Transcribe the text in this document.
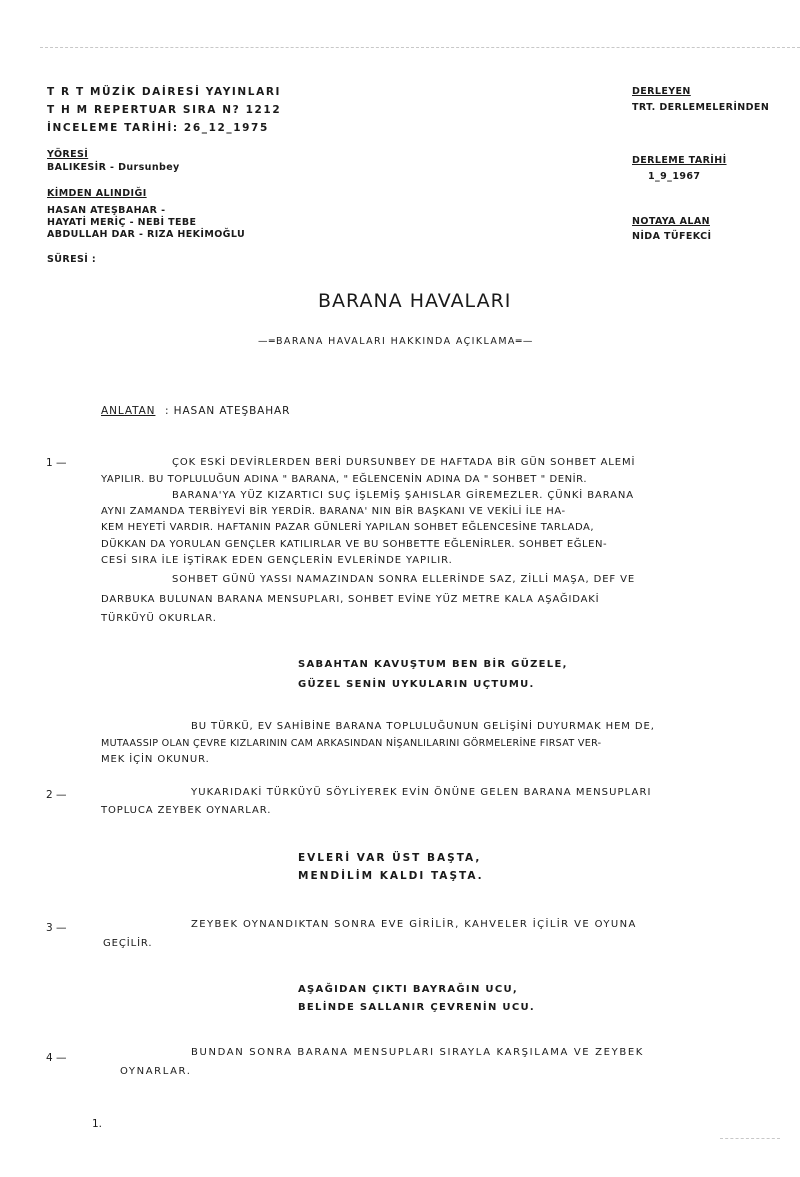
T R T MÜZİK DAİRESİ YAYINLARI
T H M REPERTUAR SIRA N? 1212
İNCELEME TARİHİ: 26_12_1975
YÖRESİ
BALIKESİR - Dursunbey
KİMDEN ALINDIĞI
HASAN ATEŞBAHAR -
HAYATİ MERİÇ - NEBİ TEBE
ABDULLAH DAR - RIZA HEKİMOĞLU
SÜRESİ :
DERLEYEN
TRT. DERLEMELERİNDEN
DERLEME TARİHİ
1_9_1967
NOTAYA ALAN
NİDA TÜFEKCİ
BARANA HAVALARI
—═BARANA HAVALARI HAKKINDA AÇIKLAMA═—
ANLATAN : HASAN ATEŞBAHAR
1 —	ÇOK ESKİ DEVİRLERDEN BERİ DURSUNBEY DE HAFTADA BİR GÜN SOHBET ALEMİ
YAPILIR. BU TOPLULUĞUN ADINA " BARANA, " EĞLENCENİN ADINA DA " SOHBET " DENİR.
BARANA'YA YÜZ KIZARTICI SUÇ İŞLEMİŞ ŞAHISLAR GİREMEZLER. ÇÜNKİ BARANA
AYNI ZAMANDA TERBİYEVİ BİR YERDİR. BARANA' NIN BİR BAŞKANI VE VEKİLİ İLE HA-
KEM HEYETİ VARDIR. HAFTANIN PAZAR GÜNLERİ YAPILAN SOHBET EĞLENCESİNE TARLADA,
DÜKKAN DA YORULAN GENÇLER KATILIRLAR VE BU SOHBETTE EĞLENİRLER. SOHBET EĞLEN-
CESİ SIRA İLE İŞTİRAK EDEN GENÇLERİN EVLERİNDE YAPILIR.
SOHBET GÜNÜ YASSI NAMAZINDAN SONRA ELLERİNDE SAZ, ZİLLİ MAŞA, DEF VE
DARBUKA BULUNAN BARANA MENSUPLARI, SOHBET EVİNE YÜZ METRE KALA AŞAĞIDAKİ
TÜRKÜYÜ OKURLAR.
SABAHTAN KAVUŞTUM BEN BİR GÜZELE,
GÜZEL SENİN UYKULARIN UÇTUMU.
BU TÜRKÜ, EV SAHİBİNE BARANA TOPLULUĞUNUN GELİŞİNİ DUYURMAK HEM DE,
MUTAASSIP OLAN ÇEVRE KIZLARININ CAM ARKASINDAN NİŞANLILARINI GÖRMELERİNE FIRSAT VER-
MEK İÇİN OKUNUR.
2 —	YUKARIDAKİ TÜRKÜYÜ SÖYLİYEREK EVİN ÖNÜNE GELEN BARANA MENSUPLARI
TOPLUCA ZEYBEK OYNARLAR.
EVLERİ VAR ÜST BAŞTA,
MENDİLİM KALDI TAŞTA.
3 —	ZEYBEK OYNANDIKTAN SONRA EVE GİRİLİR, KAHVELER İÇİLİR VE OYUNA
GEÇİLİR.
AŞAĞIDAN ÇIKTI BAYRAĞIN UCU,
BELİNDE SALLANIR ÇEVRENİN UCU.
4 —	BUNDAN SONRA BARANA MENSUPLARI SIRAYLA KARŞILAMA VE ZEYBEK
OYNARLAR.
1.
